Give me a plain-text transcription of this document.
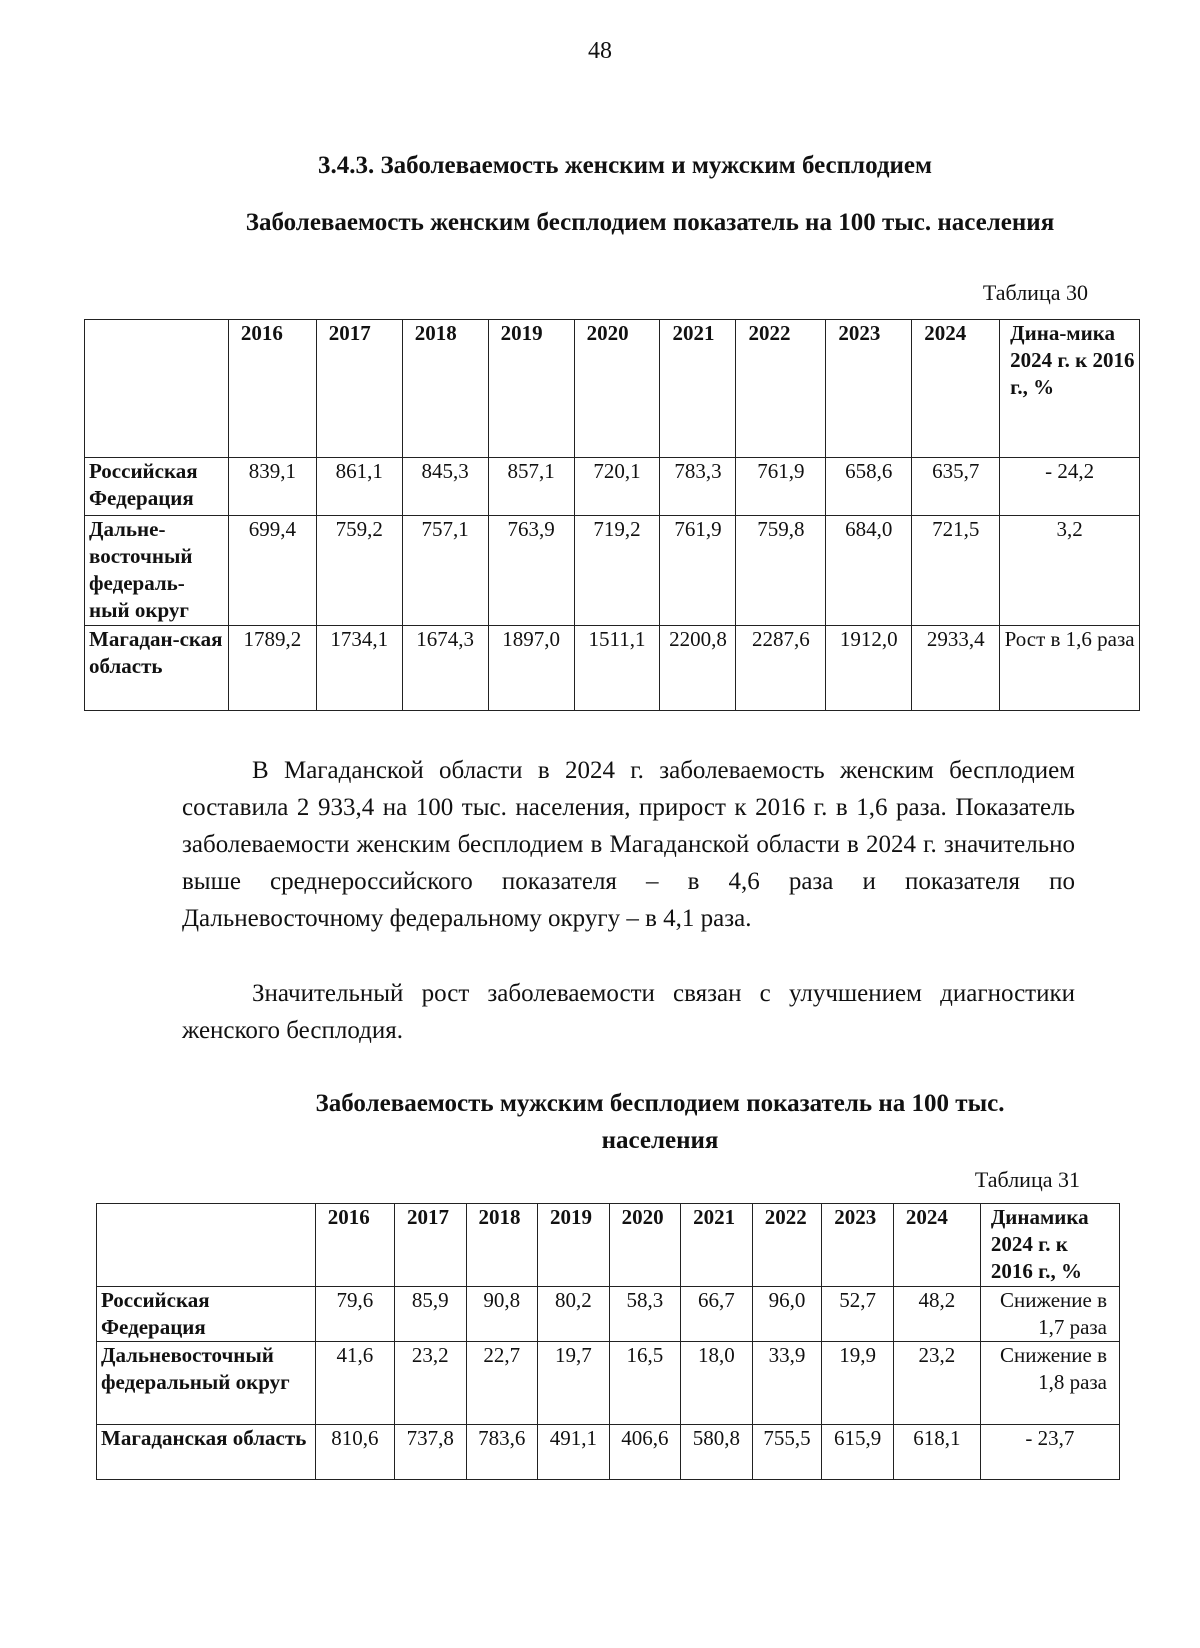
48
3.4.3. Заболеваемость женским и мужским бесплодием
Заболеваемость женским бесплодием показатель на 100 тыс. населения
Таблица 30
	2016	2017	2018	2019	2020	2021	2022	2023	2024	Дина-мика 2024 г. к 2016 г., %
Российская Федерация	839,1	861,1	845,3	857,1	720,1	783,3	761,9	658,6	635,7	- 24,2
Дальне-восточный федераль-ный округ	699,4	759,2	757,1	763,9	719,2	761,9	759,8	684,0	721,5	3,2
Магадан-ская область	1789,2	1734,1	1674,3	1897,0	1511,1	2200,8	2287,6	1912,0	2933,4	Рост в 1,6 раза

В Магаданской области в 2024 г. заболеваемость женским бесплодием составила 2 933,4 на 100 тыс. населения, прирост к 2016 г. в 1,6 раза. Показатель заболеваемости женским бесплодием в Магаданской области в 2024 г. значительно выше среднероссийского показателя – в 4,6 раза и показателя по Дальневосточному федеральному округу – в 4,1 раза.

Значительный рост заболеваемости связан с улучшением диагностики женского бесплодия.

Заболеваемость мужским бесплодием показатель на 100 тыс. населения
Таблица 31
	2016	2017	2018	2019	2020	2021	2022	2023	2024	Динамика 2024 г. к 2016 г., %
Российская Федерация	79,6	85,9	90,8	80,2	58,3	66,7	96,0	52,7	48,2	Снижение в 1,7 раза
Дальневосточный федеральный округ	41,6	23,2	22,7	19,7	16,5	18,0	33,9	19,9	23,2	Снижение в 1,8 раза
Магаданская область	810,6	737,8	783,6	491,1	406,6	580,8	755,5	615,9	618,1	- 23,7
